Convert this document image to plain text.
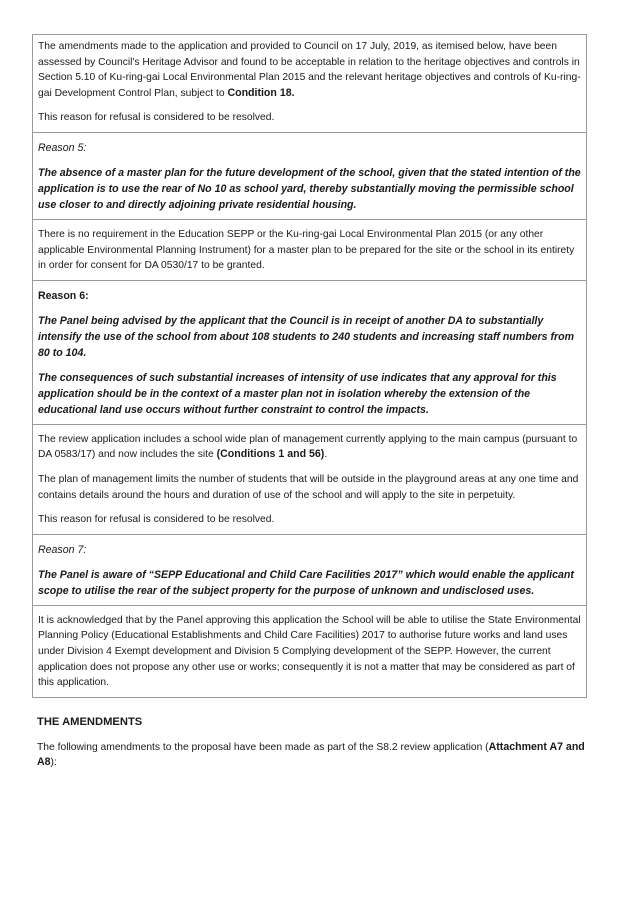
The amendments made to the application and provided to Council on 17 July, 2019, as itemised below, have been assessed by Council's Heritage Advisor and found to be acceptable in relation to the heritage objectives and controls in Section 5.10 of Ku-ring-gai Local Environmental Plan 2015 and the relevant heritage objectives and controls of Ku-ring-gai Development Control Plan, subject to Condition 18.

This reason for refusal is considered to be resolved.

Reason 5:

The absence of a master plan for the future development of the school, given that the stated intention of the application is to use the rear of No 10 as school yard, thereby substantially moving the permissible school use closer to and directly adjoining private residential housing.

There is no requirement in the Education SEPP or the Ku-ring-gai Local Environmental Plan 2015 (or any other applicable Environmental Planning Instrument) for a master plan to be prepared for the site or the school in its entirety in order for consent for DA 0530/17 to be granted.

Reason 6:

The Panel being advised by the applicant that the Council is in receipt of another DA to substantially intensify the use of the school from about 108 students to 240 students and increasing staff numbers from 80 to 104.

The consequences of such substantial increases of intensity of use indicates that any approval for this application should be in the context of a master plan not in isolation whereby the extension of the educational land use occurs without further constraint to control the impacts.

The review application includes a school wide plan of management currently applying to the main campus (pursuant to DA 0583/17) and now includes the site (Conditions 1 and 56).

The plan of management limits the number of students that will be outside in the playground areas at any one time and contains details around the hours and duration of use of the school and will apply to the site in perpetuity.

This reason for refusal is considered to be resolved.

Reason 7:

The Panel is aware of “SEPP Educational and Child Care Facilities 2017” which would enable the applicant scope to utilise the rear of the subject property for the purpose of unknown and undisclosed uses.

It is acknowledged that by the Panel approving this application the School will be able to utilise the State Environmental Planning Policy (Educational Establishments and Child Care Facilities) 2017 to authorise future works and land uses under Division 4 Exempt development and Division 5 Complying development of the SEPP. However, the current application does not propose any other use or works; consequently it is not a matter that may be considered as part of this application.

THE AMENDMENTS

The following amendments to the proposal have been made as part of the S8.2 review application (Attachment A7 and A8):
